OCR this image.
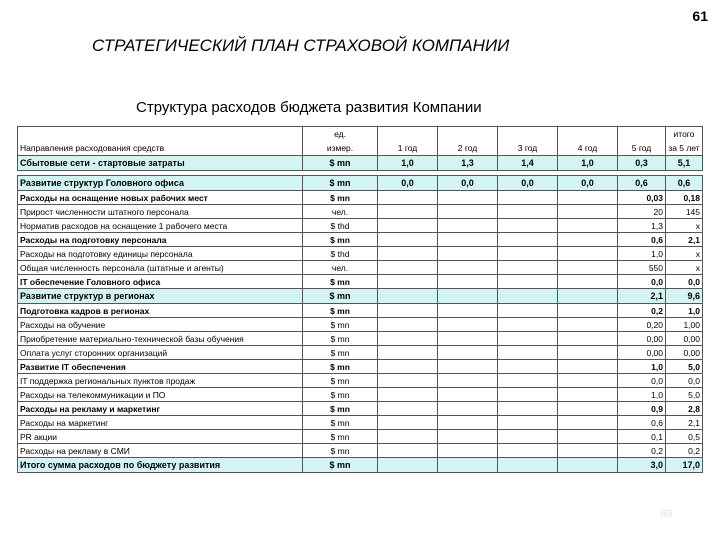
61
СТРАТЕГИЧЕСКИЙ ПЛАН СТРАХОВОЙ КОМПАНИИ
Структура расходов бюджета развития Компании
	ед.						итого
Направления расходования средств	измер.	1 год	2 год	3 год	4 год	5 год	за 5 лет
Сбытовые сети - стартовые затраты	$ mn	1,0	1,3	1,4	1,0	0,3	5,1

Развитие структур Головного офиса	$ mn	0,0	0,0	0,0	0,0	0,6	0,6
Расходы на оснащение новых рабочих мест	$ mn					0,03	0,18
Прирост численности штатного персонала	чел.					20	145
Норматив расходов на оснащение 1 рабочего места	$ thd					1,3	x
Расходы на подготовку персонала	$ mn					0,6	2,1
Расходы на подготовку единицы персонала	$ thd					1,0	x
Общая численность персонала (штатные и агенты)	чел.					550	x
IT обеспечение Головного офиса	$ mn					0,0	0,0
Развитие структур в регионах	$ mn					2,1	9,6
Подготовка кадров в регионах	$ mn					0,2	1,0
Расходы на обучение	$ mn					0,20	1,00
Приобретение материально-технической базы обучения	$ mn					0,00	0,00
Оплата услуг сторонних организаций	$ mn					0,00	0,00
Развитие IT обеспечения	$ mn					1,0	5,0
IT поддержка региональных пунктов продаж	$ mn					0,0	0,0
Расходы на телекоммуникации и ПО	$ mn					1,0	5,0
Расходы на рекламу и маркетинг	$ mn					0,9	2,8
Расходы на маркетинг	$ mn					0,6	2,1
PR акции	$ mn					0,1	0,5
Расходы на рекламу в СМИ	$ mn					0,2	0,2
Итого сумма расходов по бюджету развития	$ mn					3,0	17,0
69
